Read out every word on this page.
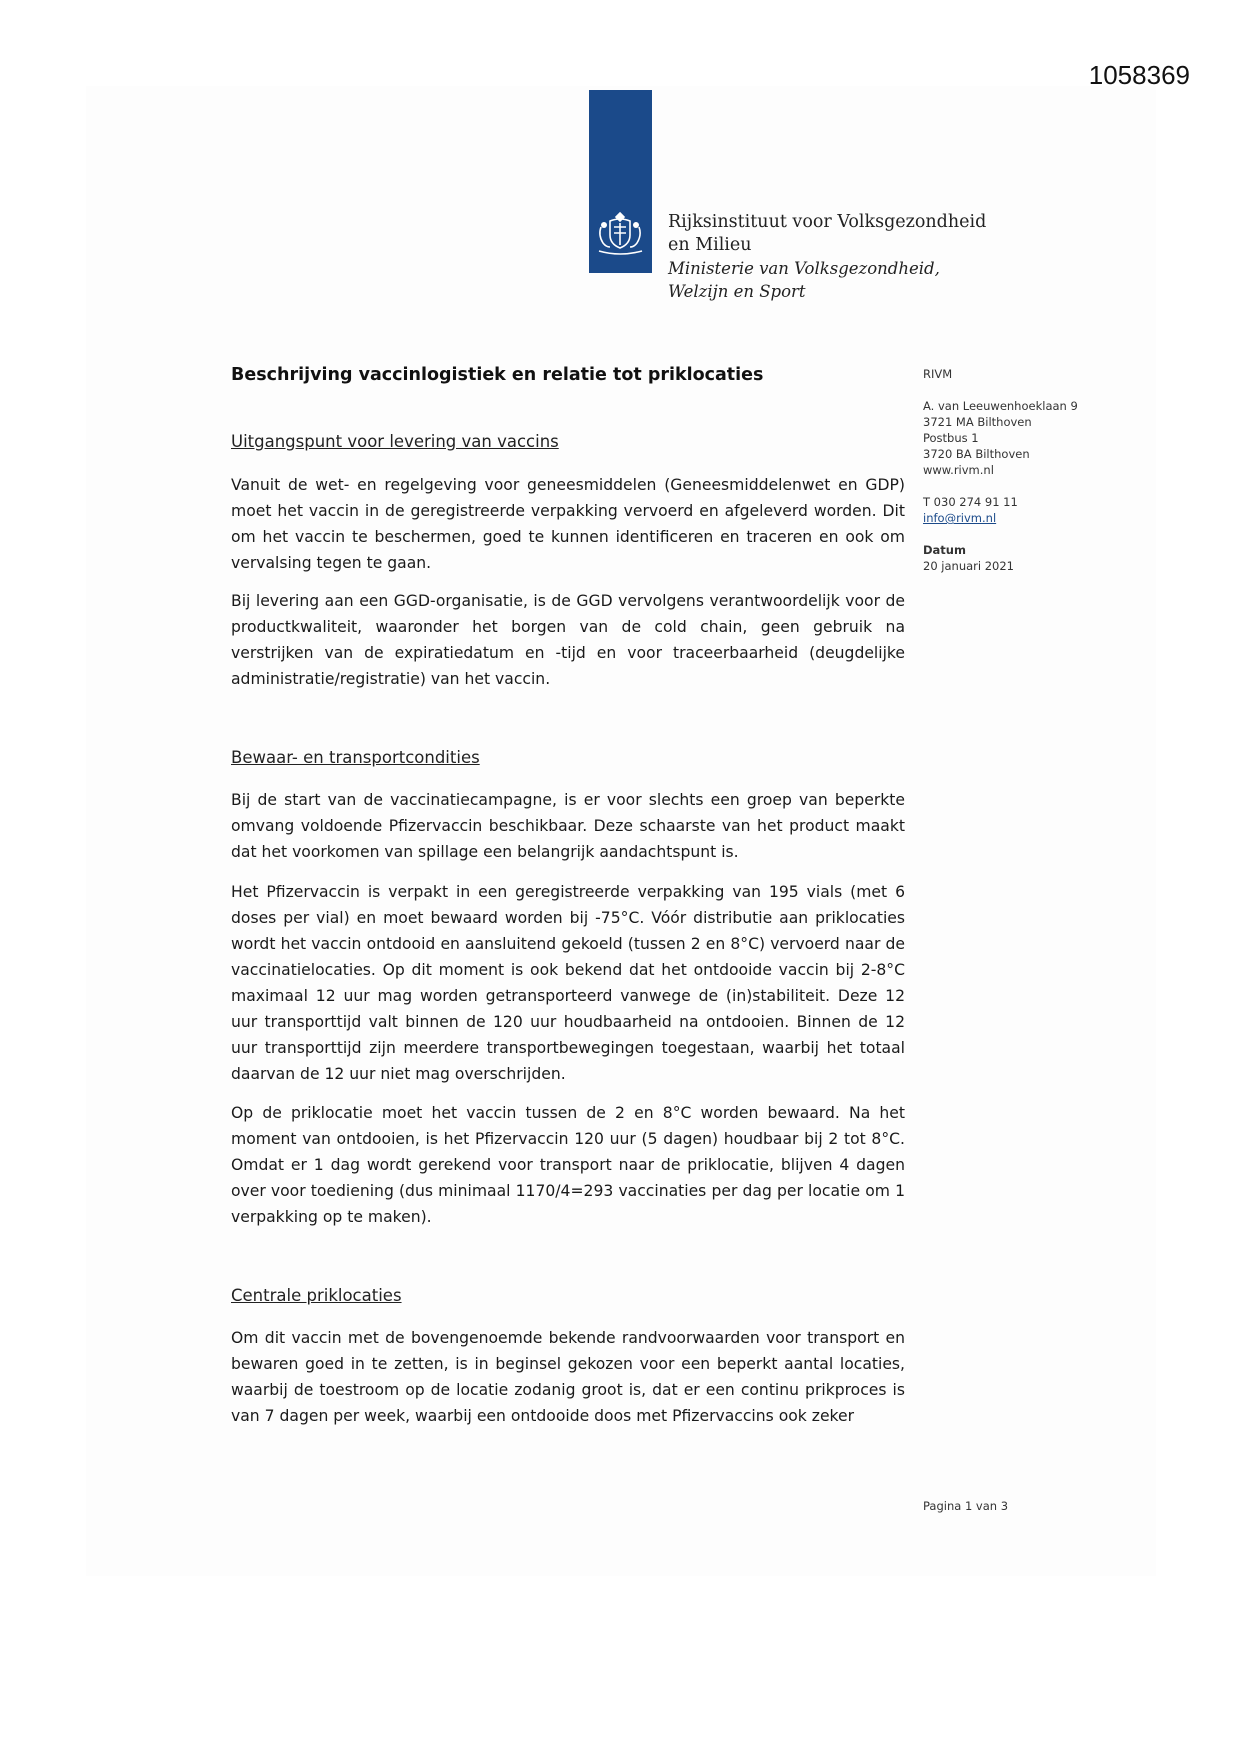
1058369
Rijksinstituut voor Volksgezondheid
en Milieu
Ministerie van Volksgezondheid,
Welzijn en Sport
Beschrijving vaccinlogistiek en relatie tot priklocaties	RIVM
A. van Leeuwenhoeklaan 9
3721 MA Bilthoven
Postbus 1
3720 BA Bilthoven
www.rivm.nl
T 030 274 91 11
info@rivm.nl
Datum
20 januari 2021
Uitgangspunt voor levering van vaccins
Vanuit de wet- en regelgeving voor geneesmiddelen (Geneesmiddelenwet en GDP) moet het vaccin in de geregistreerde verpakking vervoerd en afgeleverd worden. Dit om het vaccin te beschermen, goed te kunnen identificeren en traceren en ook om vervalsing tegen te gaan.
Bij levering aan een GGD-organisatie, is de GGD vervolgens verantwoordelijk voor de productkwaliteit, waaronder het borgen van de cold chain, geen gebruik na verstrijken van de expiratiedatum en -tijd en voor traceerbaarheid (deugdelijke administratie/registratie) van het vaccin.
Bewaar- en transportcondities
Bij de start van de vaccinatiecampagne, is er voor slechts een groep van beperkte omvang voldoende Pfizervaccin beschikbaar. Deze schaarste van het product maakt dat het voorkomen van spillage een belangrijk aandachtspunt is.
Het Pfizervaccin is verpakt in een geregistreerde verpakking van 195 vials (met 6 doses per vial) en moet bewaard worden bij -75°C. Vóór distributie aan priklocaties wordt het vaccin ontdooid en aansluitend gekoeld (tussen 2 en 8°C) vervoerd naar de vaccinatielocaties. Op dit moment is ook bekend dat het ontdooide vaccin bij 2-8°C maximaal 12 uur mag worden getransporteerd vanwege de (in)stabiliteit. Deze 12 uur transporttijd valt binnen de 120 uur houdbaarheid na ontdooien. Binnen de 12 uur transporttijd zijn meerdere transportbewegingen toegestaan, waarbij het totaal daarvan de 12 uur niet mag overschrijden.
Op de priklocatie moet het vaccin tussen de 2 en 8°C worden bewaard. Na het moment van ontdooien, is het Pfizervaccin 120 uur (5 dagen) houdbaar bij 2 tot 8°C. Omdat er 1 dag wordt gerekend voor transport naar de priklocatie, blijven 4 dagen over voor toediening (dus minimaal 1170/4=293 vaccinaties per dag per locatie om 1 verpakking op te maken).
Centrale priklocaties
Om dit vaccin met de bovengenoemde bekende randvoorwaarden voor transport en bewaren goed in te zetten, is in beginsel gekozen voor een beperkt aantal locaties, waarbij de toestroom op de locatie zodanig groot is, dat er een continu prikproces is van 7 dagen per week, waarbij een ontdooide doos met Pfizervaccins ook zeker
Pagina 1 van 3
